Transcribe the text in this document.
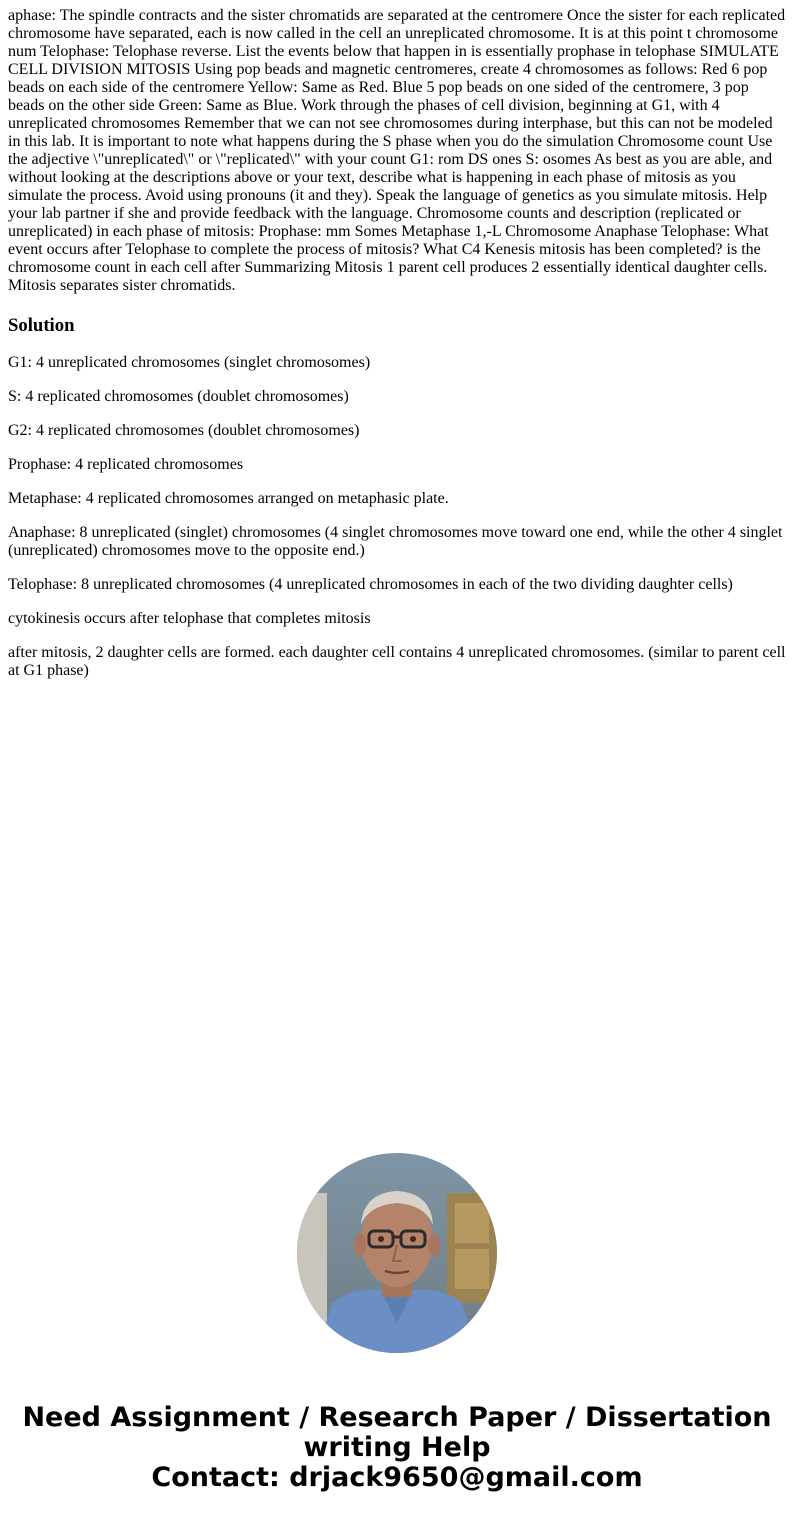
aphase: The spindle contracts and the sister chromatids are separated at the centromere Once the sister for each replicated chromosome have separated, each is now called in the cell an unreplicated chromosome. It is at this point t chromosome num Telophase: Telophase reverse. List the events below that happen in is essentially prophase in telophase SIMULATE CELL DIVISION MITOSIS Using pop beads and magnetic centromeres, create 4 chromosomes as follows: Red 6 pop beads on each side of the centromere Yellow: Same as Red. Blue 5 pop beads on one sided of the centromere, 3 pop beads on the other side Green: Same as Blue. Work through the phases of cell division, beginning at G1, with 4 unreplicated chromosomes Remember that we can not see chromosomes during interphase, but this can not be modeled in this lab. It is important to note what happens during the S phase when you do the simulation Chromosome count Use the adjective \"unreplicated\" or \"replicated\" with your count G1: rom DS ones S: osomes As best as you are able, and without looking at the descriptions above or your text, describe what is happening in each phase of mitosis as you simulate the process. Avoid using pronouns (it and they). Speak the language of genetics as you simulate mitosis. Help your lab partner if she and provide feedback with the language. Chromosome counts and description (replicated or unreplicated) in each phase of mitosis: Prophase: mm Somes Metaphase 1,-L Chromosome Anaphase Telophase: What event occurs after Telophase to complete the process of mitosis? What C4 Kenesis mitosis has been completed? is the chromosome count in each cell after Summarizing Mitosis 1 parent cell produces 2 essentially identical daughter cells. Mitosis separates sister chromatids.

Solution

G1: 4 unreplicated chromosomes (singlet chromosomes)

S: 4 replicated chromosomes (doublet chromosomes)

G2: 4 replicated chromosomes (doublet chromosomes)

Prophase: 4 replicated chromosomes

Metaphase: 4 replicated chromosomes arranged on metaphasic plate.

Anaphase: 8 unreplicated (singlet) chromosomes (4 singlet chromosomes move toward one end, while the other 4 singlet (unreplicated) chromosomes move to the opposite end.)

Telophase: 8 unreplicated chromosomes (4 unreplicated chromosomes in each of the two dividing daughter cells)

cytokinesis occurs after telophase that completes mitosis

after mitosis, 2 daughter cells are formed. each daughter cell contains 4 unreplicated chromosomes. (similar to parent cell at G1 phase)

Need Assignment / Research Paper / Dissertation
writing Help
Contact: drjack9650@gmail.com
